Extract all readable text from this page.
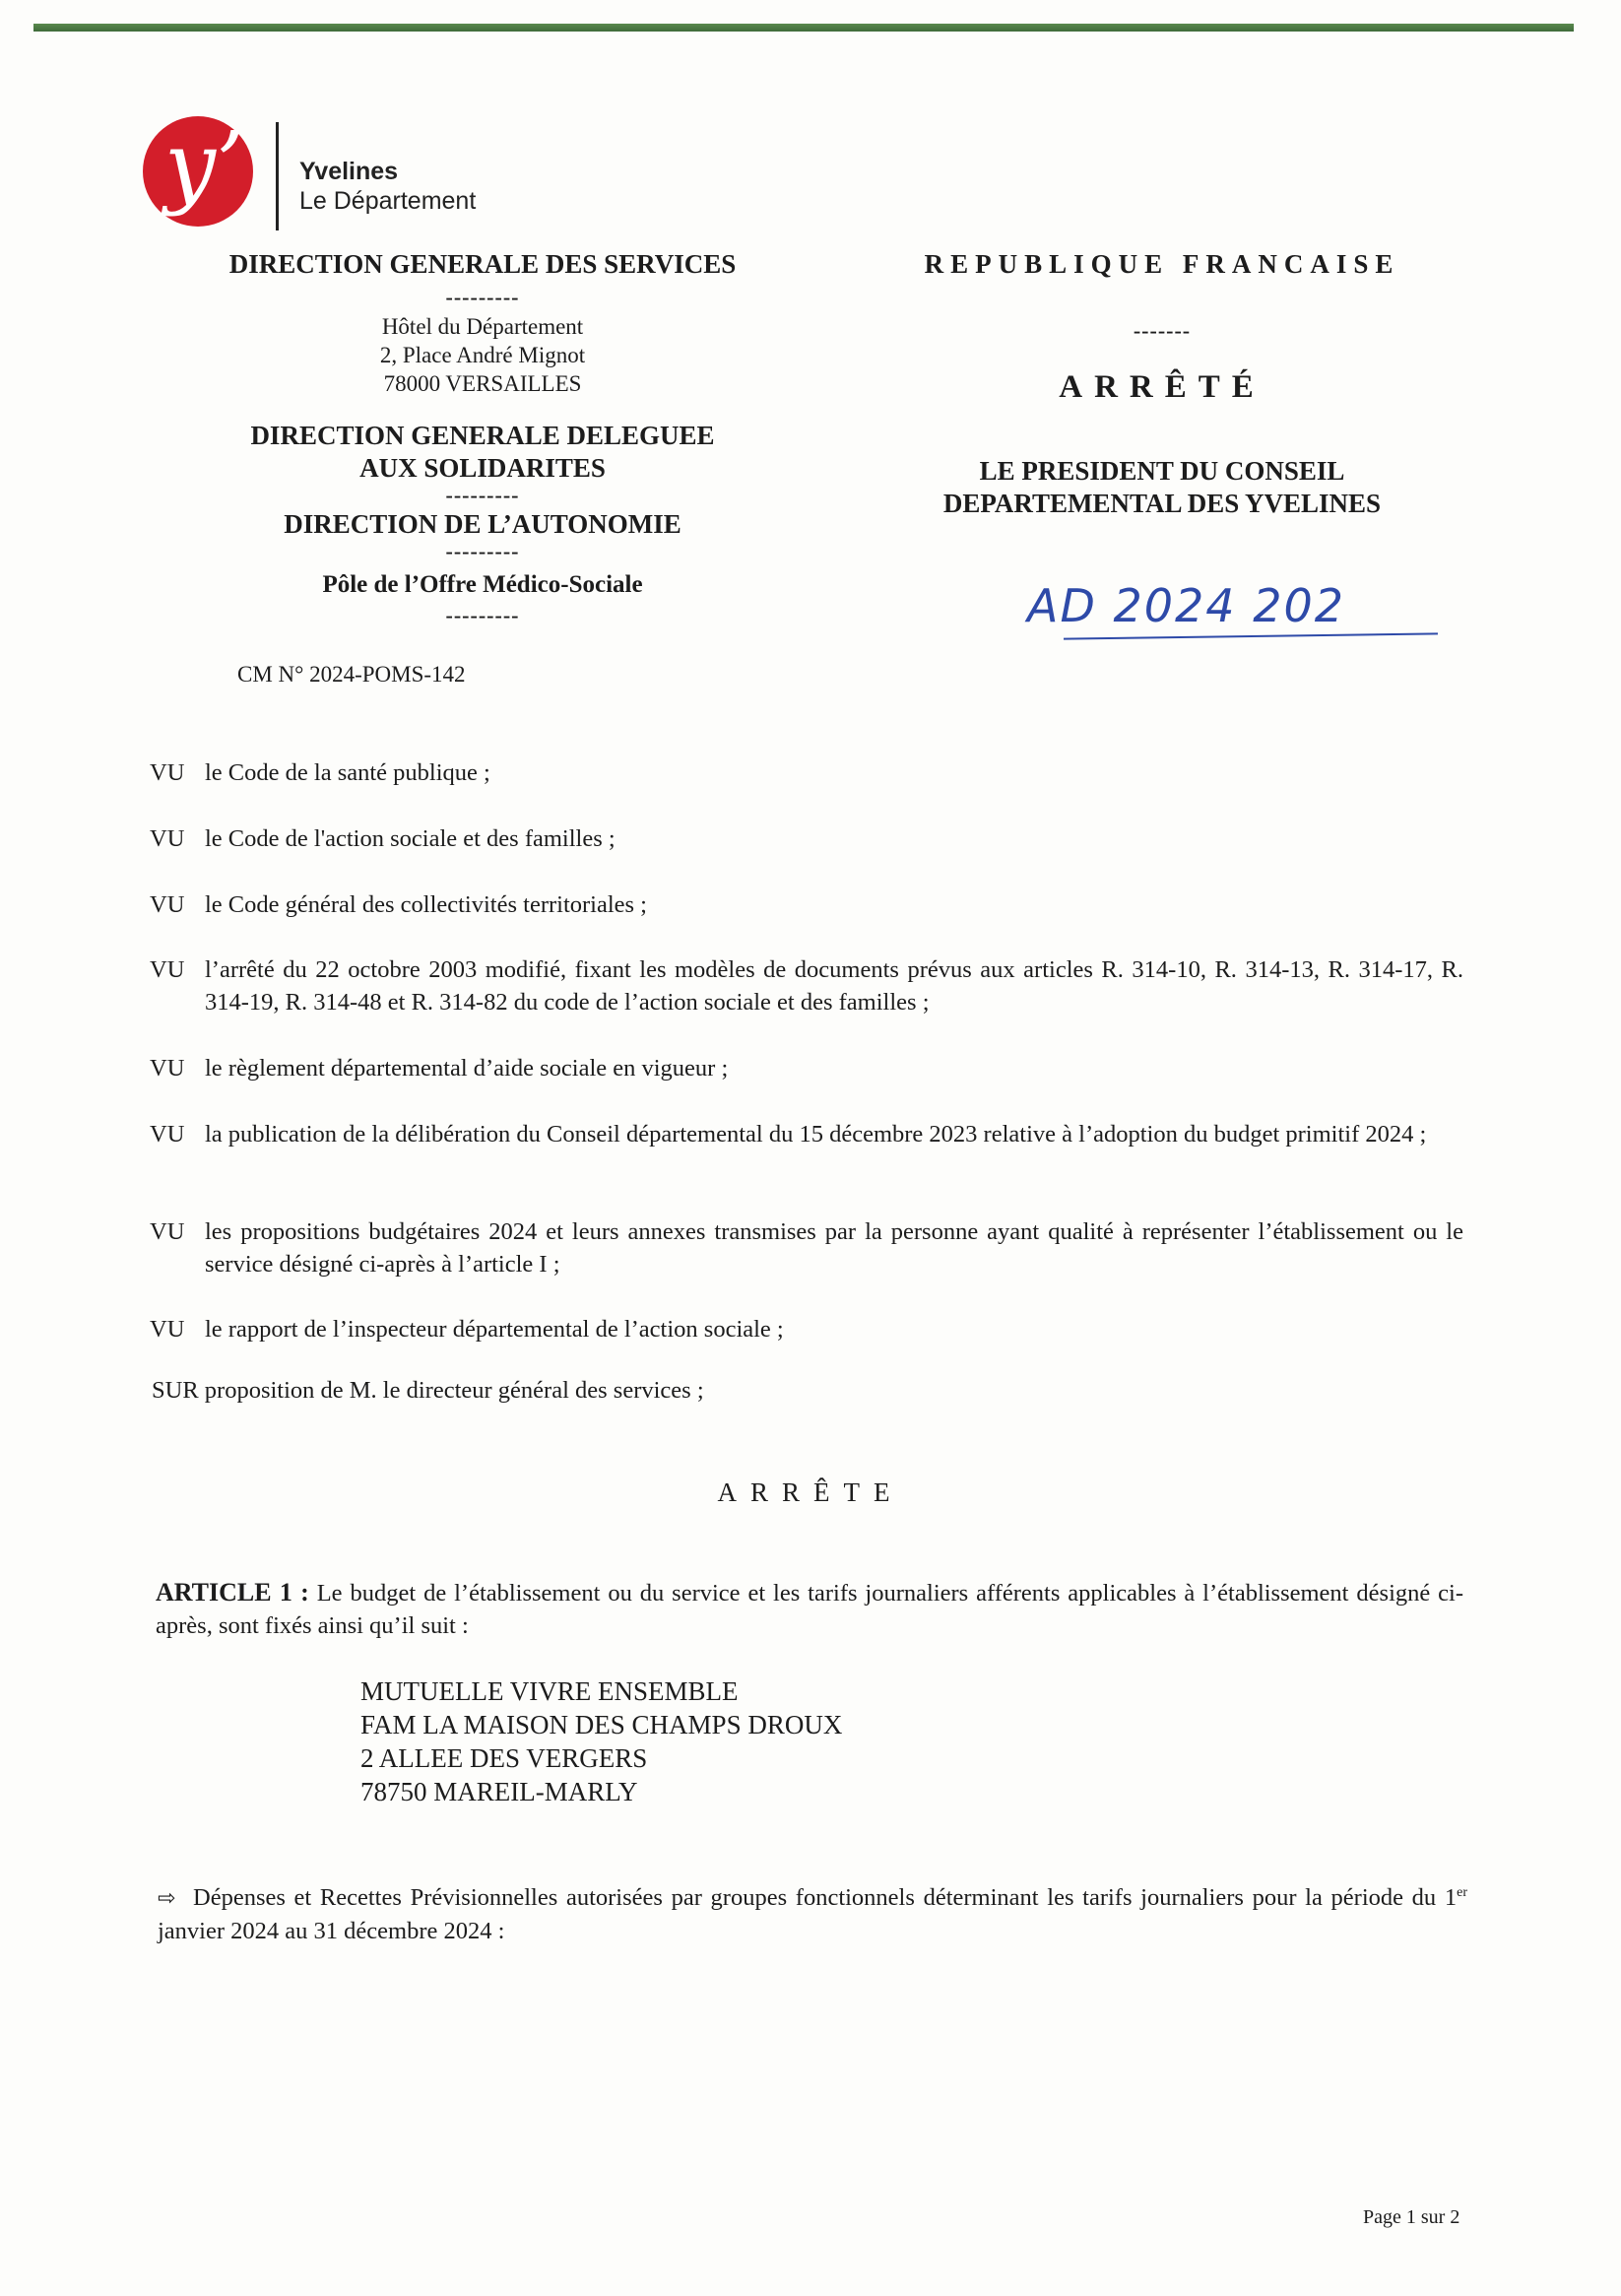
y’ Yvelines
Le Département
DIRECTION GENERALE DES SERVICES
---------
Hôtel du Département
2, Place André Mignot
78000 VERSAILLES
DIRECTION GENERALE DELEGUEE
AUX SOLIDARITES
---------
DIRECTION DE L’AUTONOMIE
---------
Pôle de l’Offre Médico-Sociale
---------
CM N° 2024-POMS-142
REPUBLIQUE FRANCAISE
-------
ARRÊTÉ
LE PRESIDENT DU CONSEIL
DEPARTEMENTAL DES YVELINES
AD 2024 202
VU le Code de la santé publique ;
VU le Code de l'action sociale et des familles ;
VU le Code général des collectivités territoriales ;
VU l’arrêté du 22 octobre 2003 modifié, fixant les modèles de documents prévus aux articles R. 314-10, R. 314-13, R. 314-17, R. 314-19, R. 314-48 et R. 314-82 du code de l’action sociale et des familles ;
VU le règlement départemental d’aide sociale en vigueur ;
VU la publication de la délibération du Conseil départemental du 15 décembre 2023 relative à l’adoption du budget primitif 2024 ;
VU les propositions budgétaires 2024 et leurs annexes transmises par la personne ayant qualité à représenter l’établissement ou le service désigné ci-après à l’article I ;
VU le rapport de l’inspecteur départemental de l’action sociale ;
SUR proposition de M. le directeur général des services ;
ARRÊTE
ARTICLE 1 : Le budget de l’établissement ou du service et les tarifs journaliers afférents applicables à l’établissement désigné ci-après, sont fixés ainsi qu’il suit :
MUTUELLE VIVRE ENSEMBLE
FAM LA MAISON DES CHAMPS DROUX
2 ALLEE DES VERGERS
78750 MAREIL-MARLY
⇨ Dépenses et Recettes Prévisionnelles autorisées par groupes fonctionnels déterminant les tarifs journaliers pour la période du 1er janvier 2024 au 31 décembre 2024 :
Page 1 sur 2
